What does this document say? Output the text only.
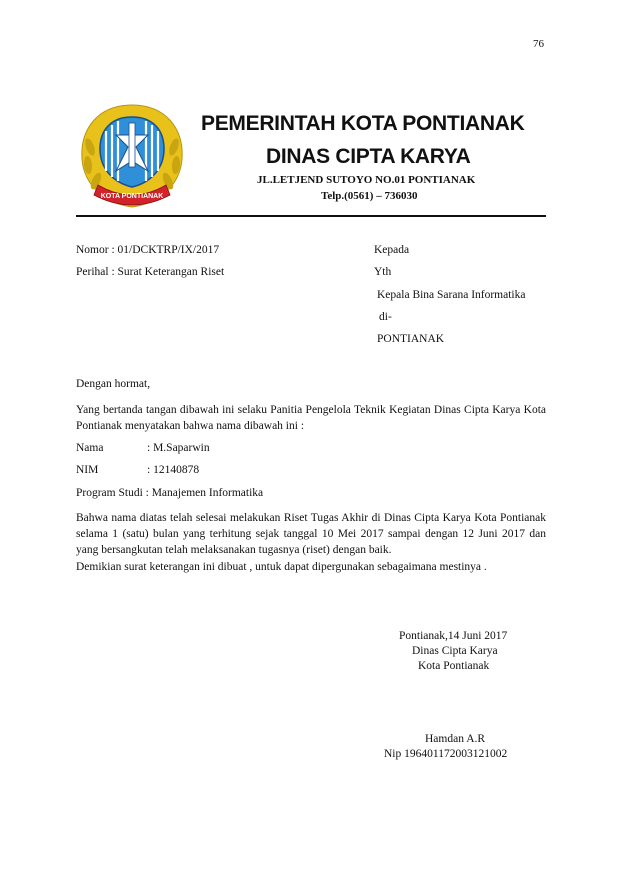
76
KOTA PONTIANAK
PEMERINTAH KOTA PONTIANAK
DINAS CIPTA KARYA
JL.LETJEND SUTOYO NO.01 PONTIANAK
Telp.(0561) – 736030
Nomor : 01/DCKTRP/IX/2017
Perihal : Surat Keterangan Riset
Kepada
Yth
Kepala Bina Sarana Informatika
di-
PONTIANAK
Dengan hormat,
Yang bertanda tangan dibawah ini selaku Panitia Pengelola Teknik Kegiatan Dinas Cipta Karya Kota Pontianak menyatakan bahwa nama dibawah ini :
Nama	: M.Saparwin
NIM	: 12140878
Program Studi : Manajemen Informatika
Bahwa nama diatas telah selesai melakukan Riset Tugas Akhir di Dinas Cipta Karya Kota Pontianak selama 1 (satu) bulan yang terhitung sejak tanggal 10 Mei 2017 sampai dengan 12 Juni 2017 dan yang bersangkutan telah melaksanakan tugasnya (riset) dengan baik.
Demikian surat keterangan ini dibuat , untuk dapat dipergunakan sebagaimana mestinya .
Pontianak,14 Juni 2017
Dinas Cipta Karya
Kota Pontianak
Hamdan A.R
Nip 196401172003121002
